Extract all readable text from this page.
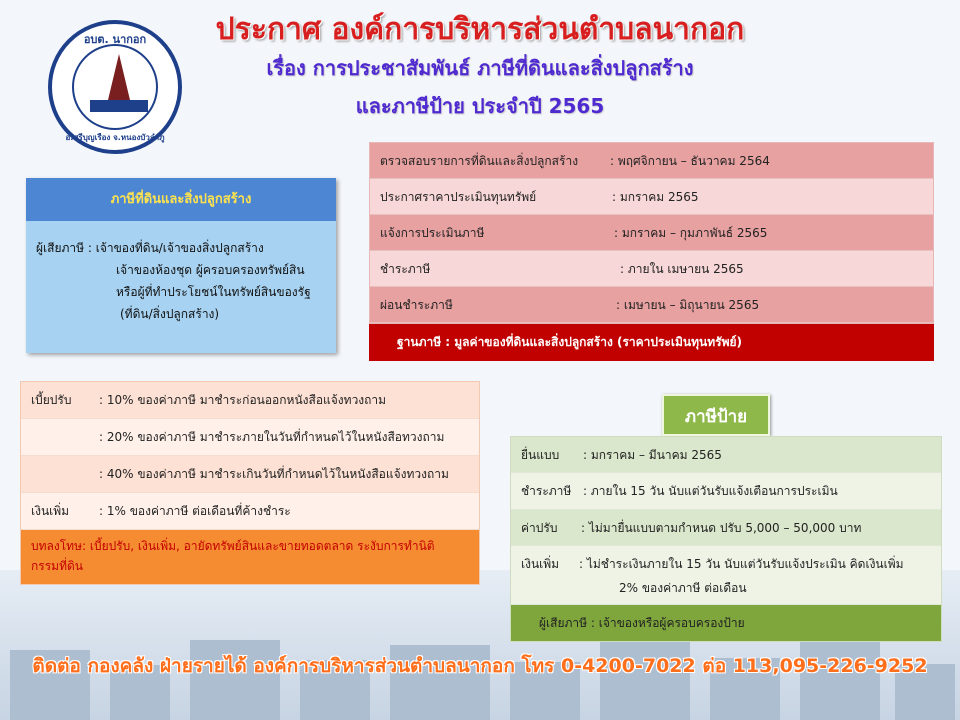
อบต. นากอก
อ.ศรีบุญเรือง จ.หนองบัวลำภู
ประกาศ องค์การบริหารส่วนตำบลนากอก
เรื่อง การประชาสัมพันธ์ ภาษีที่ดินและสิ่งปลูกสร้าง
และภาษีป้าย ประจำปี 2565
ภาษีที่ดินและสิ่งปลูกสร้าง
ผู้เสียภาษี : เจ้าของที่ดิน/เจ้าของสิ่งปลูกสร้าง
เจ้าของห้องชุด ผู้ครอบครองทรัพย์สิน
หรือผู้ที่ทำประโยชน์ในทรัพย์สินของรัฐ
(ที่ดิน/สิ่งปลูกสร้าง)
ตรวจสอบรายการที่ดินและสิ่งปลูกสร้าง	: พฤศจิกายน – ธันวาคม 2564
ประกาศราคาประเมินทุนทรัพย์	: มกราคม 2565
แจ้งการประเมินภาษี	: มกราคม – กุมภาพันธ์ 2565
ชำระภาษี	: ภายใน เมษายน 2565
ผ่อนชำระภาษี	: เมษายน – มิถุนายน 2565
ฐานภาษี : มูลค่าของที่ดินและสิ่งปลูกสร้าง (ราคาประเมินทุนทรัพย์)
เบี้ยปรับ : 10% ของค่าภาษี มาชำระก่อนออกหนังสือแจ้งทวงถาม
: 20% ของค่าภาษี มาชำระภายในวันที่กำหนดไว้ในหนังสือทวงถาม
: 40% ของค่าภาษี มาชำระเกินวันที่กำหนดไว้ในหนังสือแจ้งทวงถาม
เงินเพิ่ม : 1% ของค่าภาษี ต่อเดือนที่ค้างชำระ
บทลงโทษ: เบี้ยปรับ, เงินเพิ่ม, อายัดทรัพย์สินและขายทอดตลาด ระงับการทำนิติ
กรรมที่ดิน
ภาษีป้าย
ยื่นแบบ : มกราคม – มีนาคม 2565
ชำระภาษี : ภายใน 15 วัน นับแต่วันรับแจ้งเตือนการประเมิน
ค่าปรับ : ไม่มายื่นแบบตามกำหนด ปรับ 5,000 – 50,000 บาท
เงินเพิ่ม : ไม่ชำระเงินภายใน 15 วัน นับแต่วันรับแจ้งประเมิน คิดเงินเพิ่ม
2% ของค่าภาษี ต่อเดือน
ผู้เสียภาษี : เจ้าของหรือผู้ครอบครองป้าย
ติดต่อ กองคลัง ฝ่ายรายได้ องค์การบริหารส่วนตำบลนากอก โทร 0-4200-7022 ต่อ 113,095-226-9252
